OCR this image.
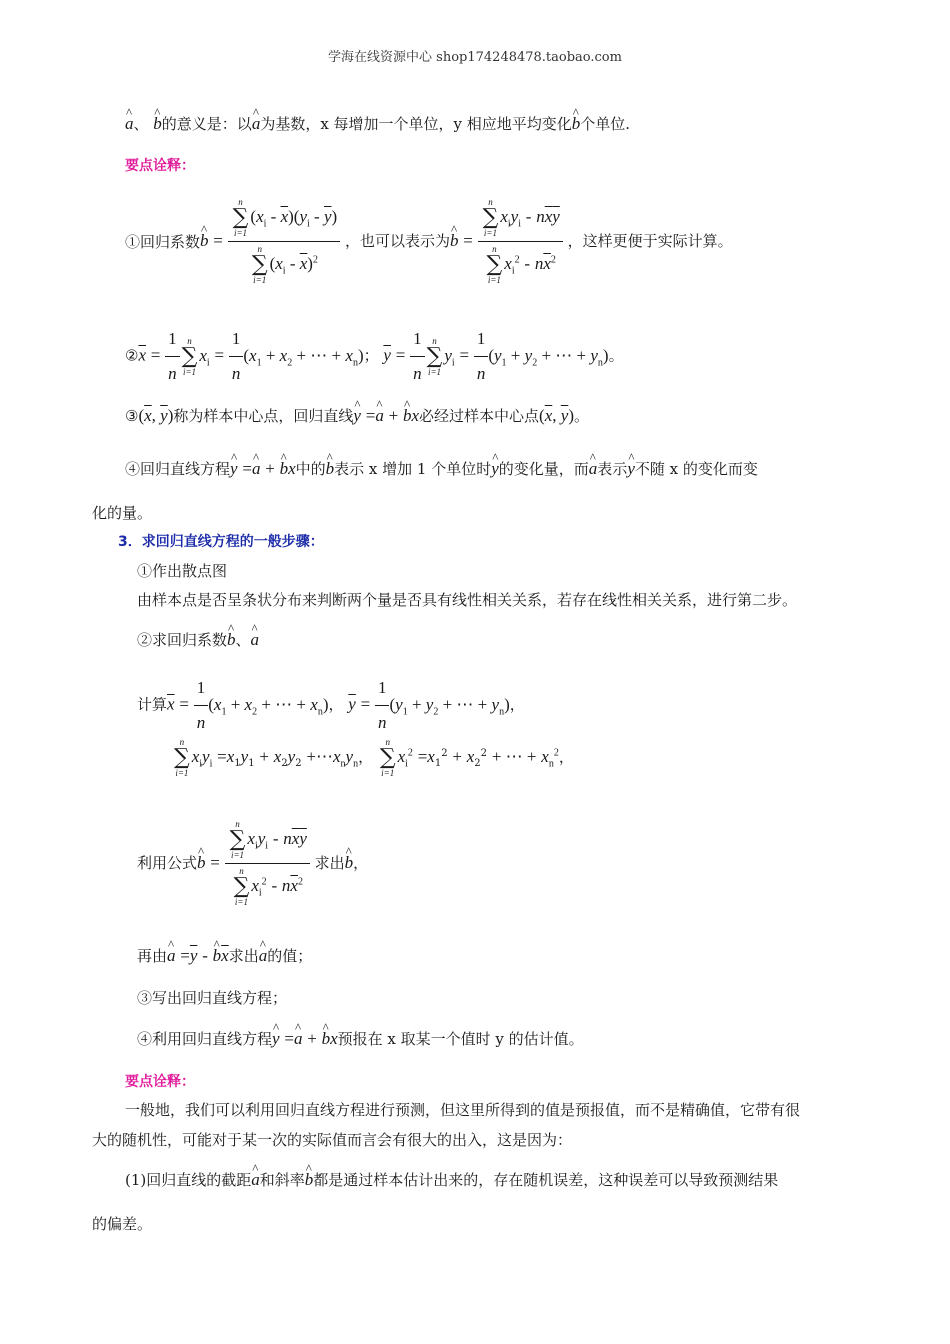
学海在线资源中心 shop174248478.taobao.com
^ a、 ^ b的意义是：以^ a为基数，x 每增加一个单位，y 相应地平均变化^ b个单位.
要点诠释：
①回归系数^ b = n
∑
i=1
$(x_i - \overline{x})(y_i - \overline{y})$
n
∑
i=1
$(x_i - \overline{x})^2$ ，也可以表示为^ b = n
∑
i=1
$x_iy_i - n\overline{x}\overline{y}$
n
∑
i=1
$x_i^2 - n\overline{x}^2$ ，这样更便于实际计算。
$②\overline{x} = \frac{1}{n}$ n
∑
i=1
$x_i = \frac{1}{n} (x_1 + x_2$ + ⋯ + $x_n$)； $\overline{y} = \frac{1}{n}$ n
∑
i=1
$y_i = \frac{1}{n} (y_1 + y_2$ + ⋯ + $y_n$)。
$③(\overline{x}$, $\overline{y}$)称为样本中心点，回归直线^ y =^ a + ^ bx必经过样本中心点($\overline{x}$, $\overline{y}$)。
④回归直线方程^ y =^ a + ^ bx中的^ b表示 x 增加 1 个单位时^ y的变化量，而^ a表示^ y不随 x 的变化而变
化的量。
3．求回归直线方程的一般步骤：
①作出散点图
由样本点是否呈条状分布来判断两个量是否具有线性相关关系，若存在线性相关关系，进行第二步。
②求回归系数^ b、^ a
计算$\overline{x} = \frac{1}{n} (x_1 + x_2$ + ⋯ + $x_n$)， $\overline{y} = \frac{1}{n} (y_1 + y_2$ + ⋯ + $y_n$)，
n
∑
i=1
$x_iy_i =x_1y_1 + x_2y_2$ $+\cdots x_ny_n$，
n
∑
i=1
$x_i^2 =x_1^2 + x_2^2$ + ⋯ + $x_n^2$，
利用公式^ b = n
∑
i=1
$x_iy_i - n\overline{x}\overline{y}$
n
∑
i=1
$x_i^2 - n\overline{x}^2$ 求出^ b，
再由^ $a =\overline{y}$ - ^ $b\overline{x}$求出^ a的值；
③写出回归直线方程；
④利用回归直线方程^ y =^ a + ^ bx预报在 x 取某一个值时 y 的估计值。
要点诠释：
一般地，我们可以利用回归直线方程进行预测，但这里所得到的值是预报值，而不是精确值，它带有很
大的随机性，可能对于某一次的实际值而言会有很大的出入，这是因为：
(1)回归直线的截距^ a和斜率^ b都是通过样本估计出来的，存在随机误差，这种误差可以导致预测结果
的偏差。
